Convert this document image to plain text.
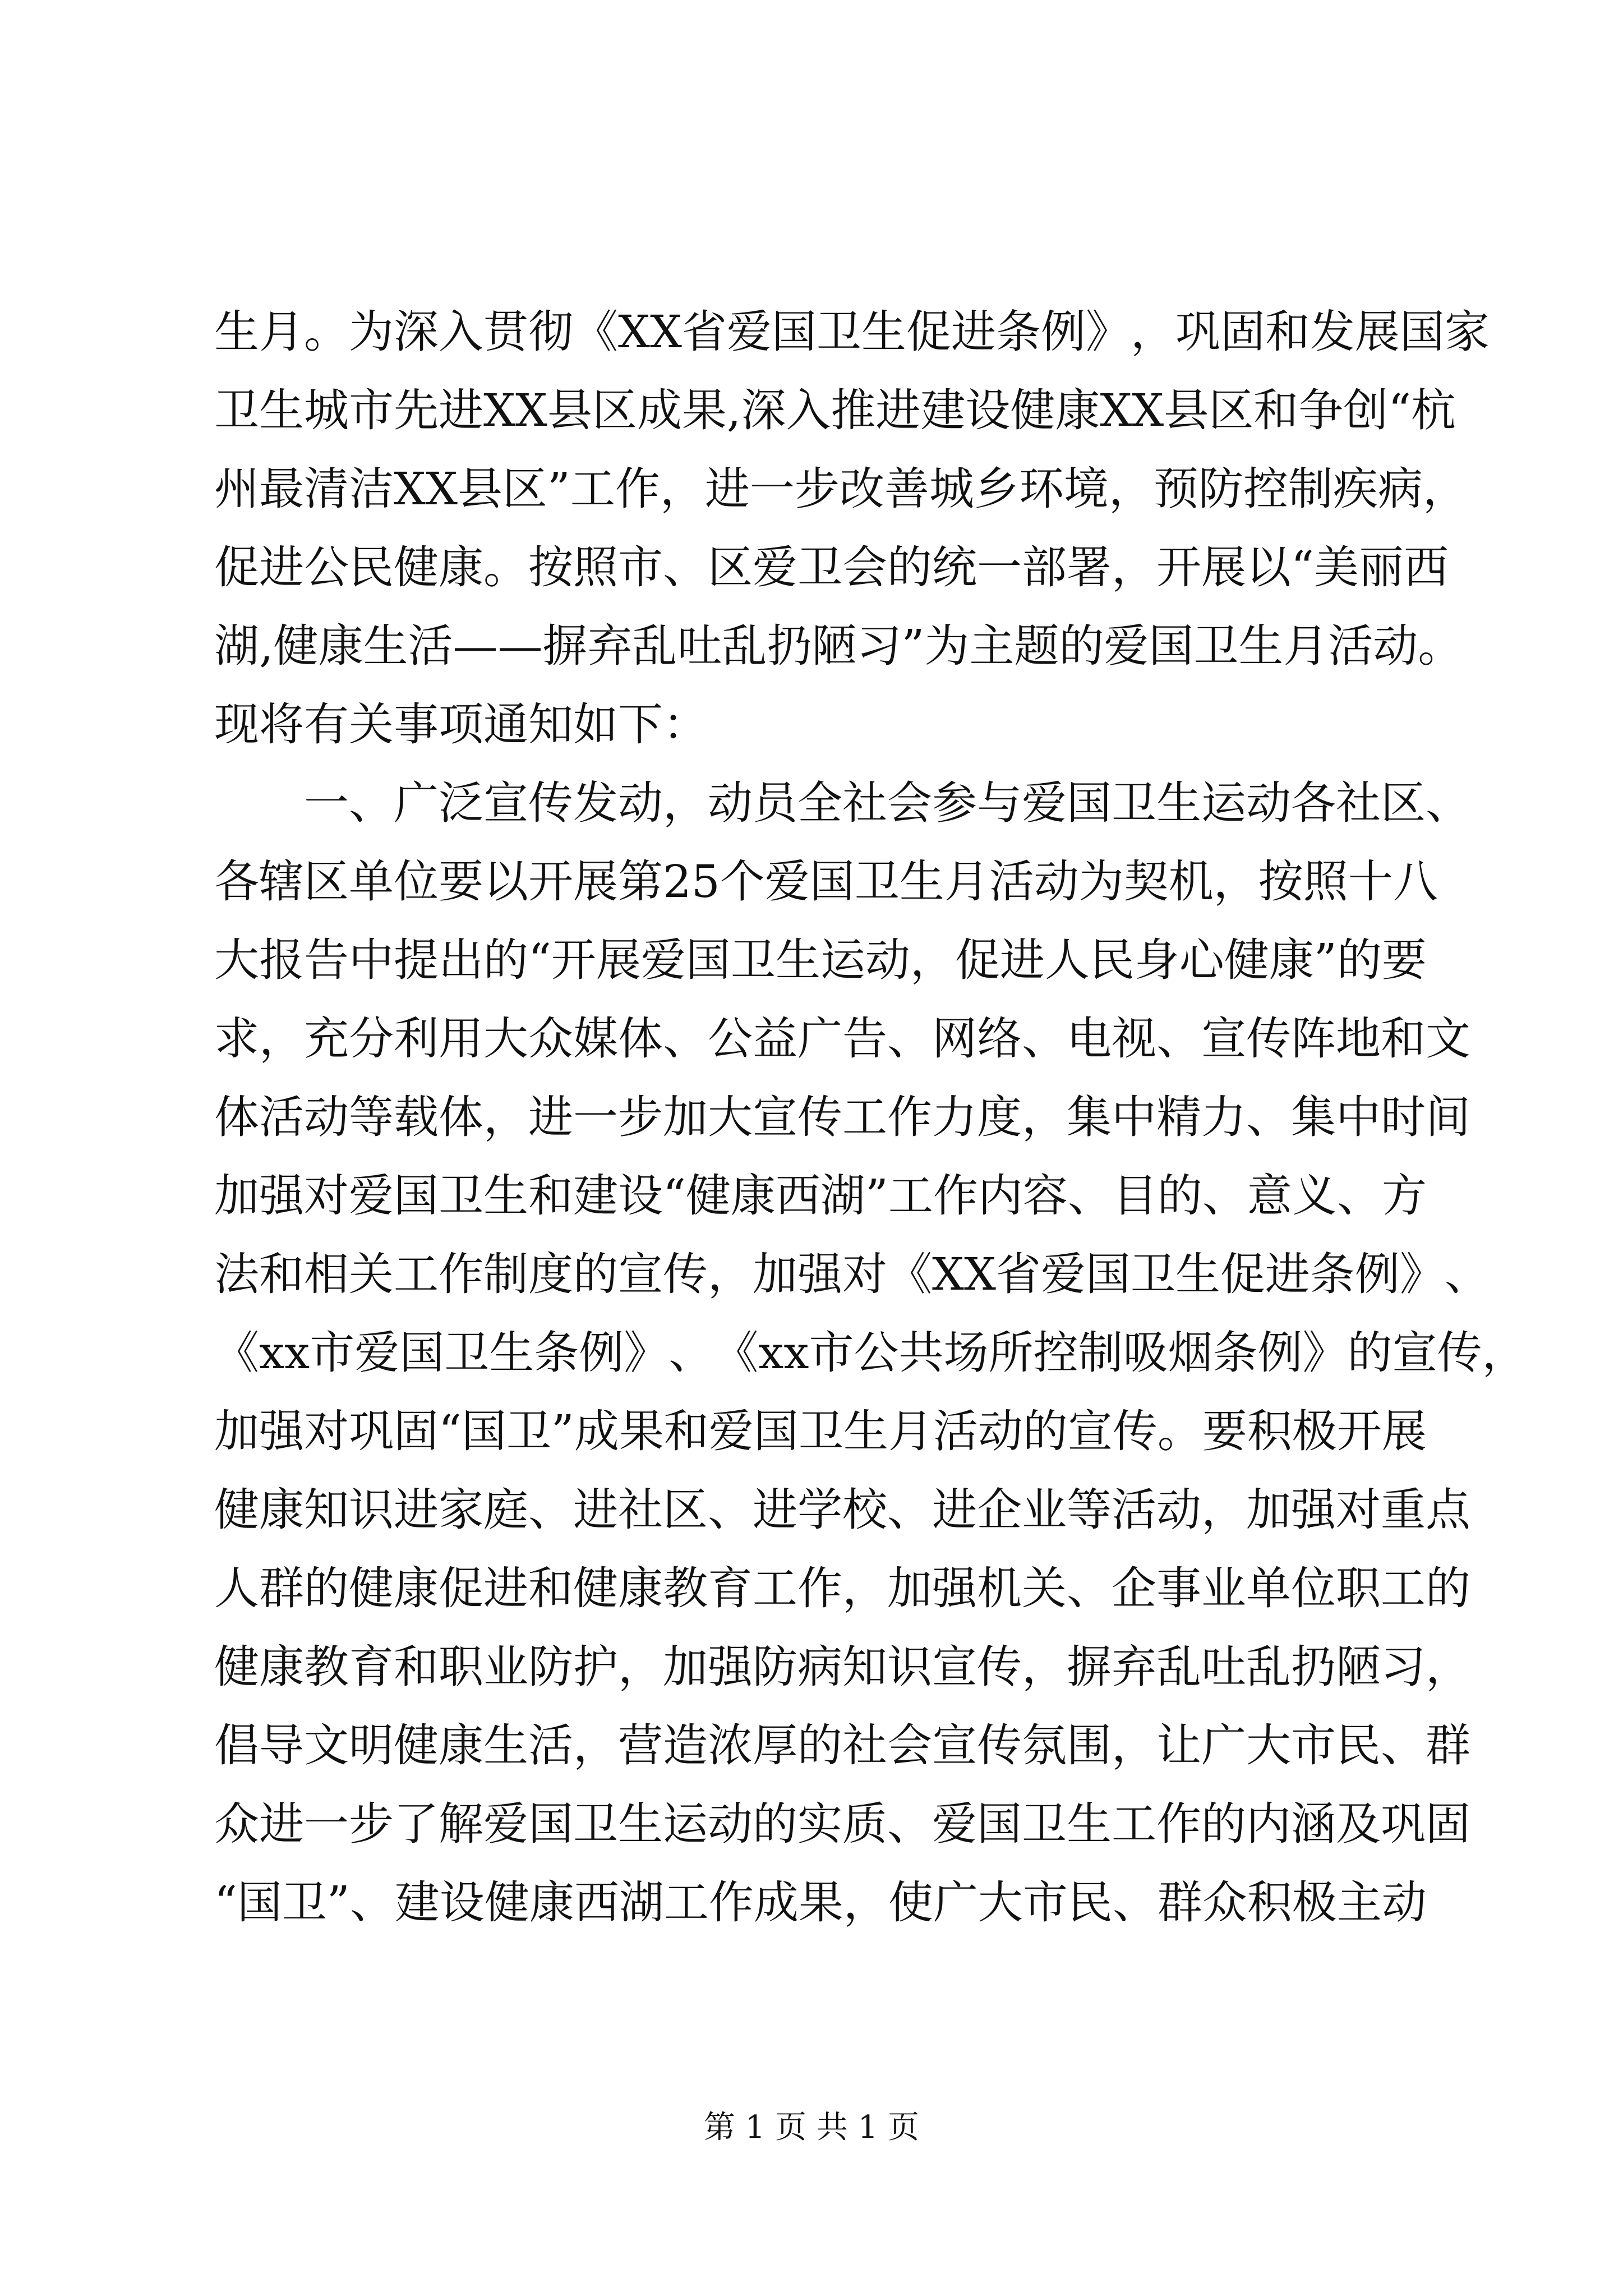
生 月 。 为 深 入 贯 彻 《 XX 省 爱 国 卫 生 促 进 条 例 》 ， 巩 固 和 发 展 国 家
卫 生 城 市 先 进 XX 县 区 成 果 , 深 入 推 进 建 设 健 康 XX 县 区 和 争 创 “ 杭
州 最 清 洁 XX 县 区 ” 工 作 ， 进 一 步 改 善 城 乡 环 境 ， 预 防 控 制 疾 病 ，
促 进 公 民 健 康 。 按 照 市 、 区 爱 卫 会 的 统 一 部 署 ， 开 展 以 “ 美 丽 西
湖 , 健 康 生 活 — — 摒 弃 乱 吐 乱 扔 陋 习 ” 为 主 题 的 爱 国 卫 生 月 活 动 。
现将有关事项通知如下：
一 、 广 泛 宣 传 发 动 ， 动 员 全 社 会 参 与 爱 国 卫 生 运 动 各 社 区 、
各 辖 区 单 位 要 以 开 展 第 25 个 爱 国 卫 生 月 活 动 为 契 机 ， 按 照 十 八
大 报 告 中 提 出 的 “ 开 展 爱 国 卫 生 运 动 ， 促 进 人 民 身 心 健 康 ” 的 要
求 ， 充 分 利 用 大 众 媒 体 、 公 益 广 告 、 网 络 、 电 视 、 宣 传 阵 地 和 文
体 活 动 等 载 体 ， 进 一 步 加 大 宣 传 工 作 力 度 ， 集 中 精 力 、 集 中 时 间
加 强 对 爱 国 卫 生 和 建 设 “ 健 康 西 湖 ” 工 作 内 容 、 目 的 、 意 义 、 方
法 和 相 关 工 作 制 度 的 宣 传 ， 加 强 对 《 XX 省 爱 国 卫 生 促 进 条 例 》 、
《 xx 市 爱 国 卫 生 条 例 》 、 《 xx 市 公 共 场 所 控 制 吸 烟 条 例 》 的 宣 传 ，
加 强 对 巩 固 “ 国 卫 ” 成 果 和 爱 国 卫 生 月 活 动 的 宣 传 。 要 积 极 开 展
健 康 知 识 进 家 庭 、 进 社 区 、 进 学 校 、 进 企 业 等 活 动 ， 加 强 对 重 点
人 群 的 健 康 促 进 和 健 康 教 育 工 作 ， 加 强 机 关 、 企 事 业 单 位 职 工 的
健 康 教 育 和 职 业 防 护 ， 加 强 防 病 知 识 宣 传 ， 摒 弃 乱 吐 乱 扔 陋 习 ，
倡 导 文 明 健 康 生 活 ， 营 造 浓 厚 的 社 会 宣 传 氛 围 ， 让 广 大 市 民 、 群
众 进 一 步 了 解 爱 国 卫 生 运 动 的 实 质 、 爱 国 卫 生 工 作 的 内 涵 及 巩 固
“ 国 卫 ” 、 建 设 健 康 西 湖 工 作 成 果 ， 使 广 大 市 民 、 群 众 积 极 主 动
第 1 页 共 1 页
